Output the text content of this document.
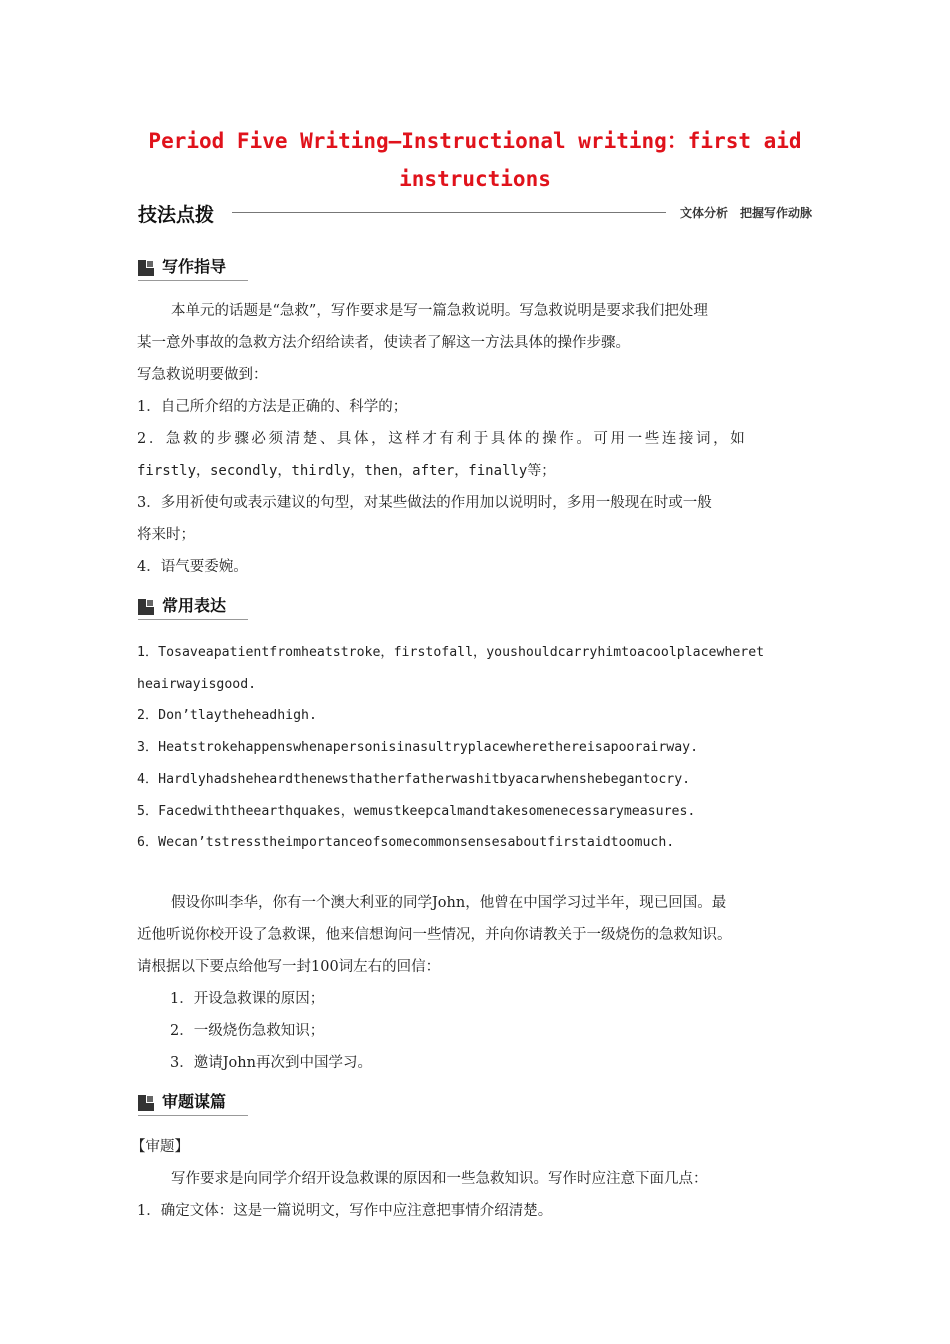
Period Five Writing—Instructional writing：first aid
instructions
技法点拨	文体分析　把握写作动脉
写作指导
本单元的话题是“急救”，写作要求是写一篇急救说明。写急救说明是要求我们把处理
某一意外事故的急救方法介绍给读者，使读者了解这一方法具体的操作步骤。
写急救说明要做到：
1．自己所介绍的方法是正确的、科学的；
2．急救的步骤必须清楚、具体，这样才有利于具体的操作。可用一些连接词，如
firstly，secondly，thirdly，then，after，finally等；
3．多用祈使句或表示建议的句型，对某些做法的作用加以说明时，多用一般现在时或一般
将来时；
4．语气要委婉。
常用表达
1．Tosaveapatientfromheatstroke，firstofall，youshouldcarryhimtoacoolplacewheret
heairwayisgood.
2．Don’tlaytheheadhigh.
3．Heatstrokehappenswhenapersonisinasultryplacewherethereisapoorairway.
4．Hardlyhadsheheardthenewsthatherfatherwashitbyacarwhenshebegantocry.
5．Facedwiththeearthquakes，wemustkeepcalmandtakesomenecessarymeasures.
6．Wecan’tstresstheimportanceofsomecommonsensesaboutfirstaidtoomuch.
假设你叫李华，你有一个澳大利亚的同学John，他曾在中国学习过半年，现已回国。最
近他听说你校开设了急救课，他来信想询问一些情况，并向你请教关于一级烧伤的急救知识。
请根据以下要点给他写一封100词左右的回信：
1．开设急救课的原因；
2．一级烧伤急救知识；
3．邀请John再次到中国学习。
审题谋篇
【审题】
写作要求是向同学介绍开设急救课的原因和一些急救知识。写作时应注意下面几点：
1．确定文体：这是一篇说明文，写作中应注意把事情介绍清楚。
